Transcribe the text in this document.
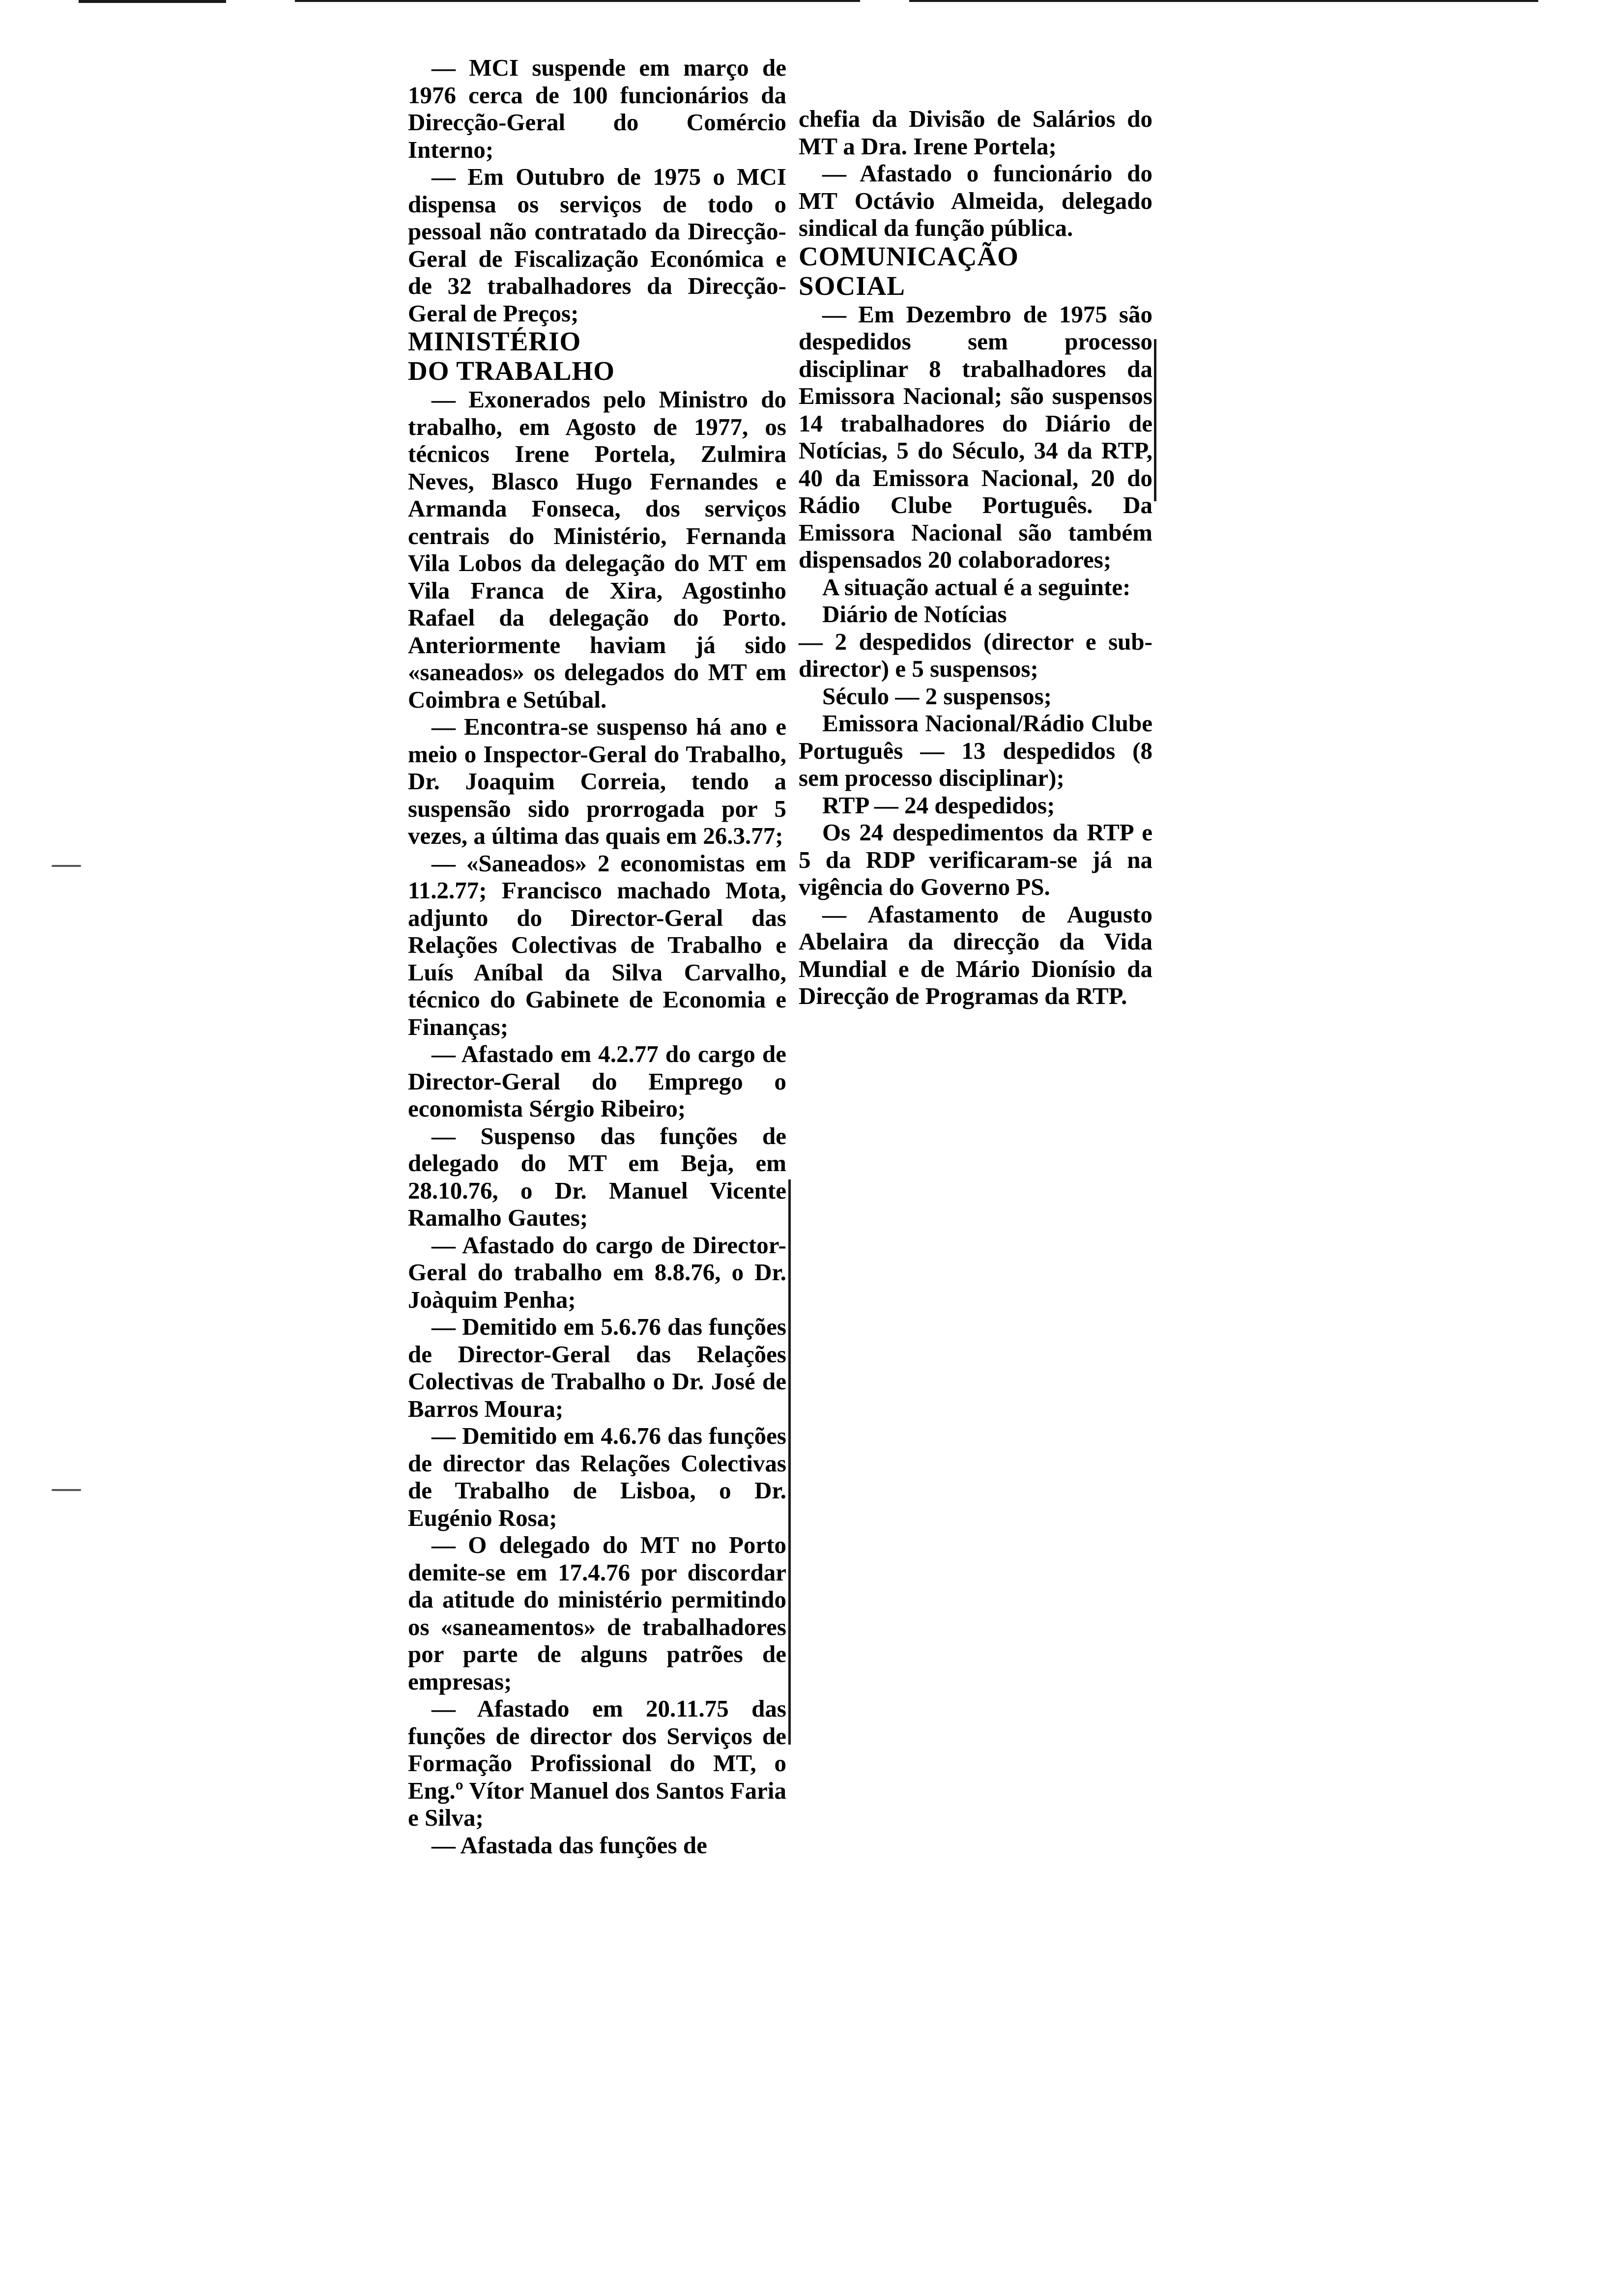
— MCI suspende em março de 1976 cerca de 100 funcionários da Direcção-Geral do Comércio Interno;

— Em Outubro de 1975 o MCI dispensa os serviços de todo o pessoal não contratado da Direcção-Geral de Fiscalização Económica e de 32 trabalhadores da Direcção-Geral de Preços;

MINISTÉRIO
DO TRABALHO

— Exonerados pelo Ministro do trabalho, em Agosto de 1977, os técnicos Irene Portela, Zulmira Neves, Blasco Hugo Fernandes e Armanda Fonseca, dos serviços centrais do Ministério, Fernanda Vila Lobos da delegação do MT em Vila Franca de Xira, Agostinho Rafael da delegação do Porto. Anteriormente haviam já sido «saneados» os delegados do MT em Coimbra e Setúbal.

— Encontra-se suspenso há ano e meio o Inspector-Geral do Trabalho, Dr. Joaquim Correia, tendo a suspensão sido prorrogada por 5 vezes, a última das quais em 26.3.77;

— «Saneados» 2 economistas em 11.2.77; Francisco machado Mota, adjunto do Director-Geral das Relações Colectivas de Trabalho e Luís Aníbal da Silva Carvalho, técnico do Gabinete de Economia e Finanças;

— Afastado em 4.2.77 do cargo de Director-Geral do Emprego o economista Sérgio Ribeiro;

— Suspenso das funções de delegado do MT em Beja, em 28.10.76, o Dr. Manuel Vicente Ramalho Gautes;

— Afastado do cargo de Director-Geral do trabalho em 8.8.76, o Dr. Joàquim Penha;

— Demitido em 5.6.76 das funções de Director-Geral das Relações Colectivas de Trabalho o Dr. José de Barros Moura;

— Demitido em 4.6.76 das funções de director das Relações Colectivas de Trabalho de Lisboa, o Dr. Eugénio Rosa;

— O delegado do MT no Porto demite-se em 17.4.76 por discordar da atitude do ministério permitindo os «saneamentos» de trabalhadores por parte de alguns patrões de empresas;

— Afastado em 20.11.75 das funções de director dos Serviços de Formação Profissional do MT, o Eng.º Vítor Manuel dos Santos Faria e Silva;

— Afastada das funções de

chefia da Divisão de Salários do MT a Dra. Irene Portela;

— Afastado o funcionário do MT Octávio Almeida, delegado sindical da função pública.

COMUNICAÇÃO
SOCIAL

— Em Dezembro de 1975 são despedidos sem processo disciplinar 8 trabalhadores da Emissora Nacional; são suspensos 14 trabalhadores do Diário de Notícias, 5 do Século, 34 da RTP, 40 da Emissora Nacional, 20 do Rádio Clube Português. Da Emissora Nacional são também dispensados 20 colaboradores;

A situação actual é a seguinte:

Diário de Notícias

— 2 despedidos (director e sub-director) e 5 suspensos;

Século — 2 suspensos;

Emissora Nacional/Rádio Clube Português — 13 despedidos (8 sem processo disciplinar);

RTP — 24 despedidos;

Os 24 despedimentos da RTP e 5 da RDP verificaram-se já na vigência do Governo PS.

— Afastamento de Augusto Abelaira da direcção da Vida Mundial e de Mário Dionísio da Direcção de Programas da RTP.
